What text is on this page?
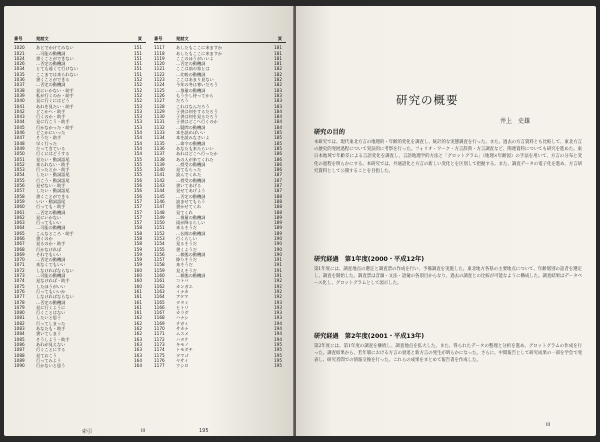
番号	発話文	頁
1020	あとでかけてみない	151
1021	…可能の動機詞	151
1024	書くことができない	151
1026	…否定の動機詞	151
1034	とても遠くて行けない	151
1035	ここまでは来られない	151
1036	書くことができる	152
1037	…否定の動機詞	152
1038	見にいかない・助手	152
1039	私が行くのか・助手	152
1040	見に行くにはどう	152
1041	あれを見たい・助手	153
1042	どこかへ・助手	153
1043	行くのか・助手	153
1044	見に行こう・助手	153
1045	行かなかった・助手	153
1046	どこかにいった	154
1047	そうだ・助手	154
1048	早く行った	154
1049	だってきている	154
1050	行くにはどうする	154
1051	見たい・動詞語尾	155
1052	来られない・助手	155
1053	行ったとか・助手	155
1054	したい・動詞語尾	155
1055	行こう・動詞語尾	156
1056	見せない・助手	156
1057	したい・動詞語尾	156
1058	書くことができる	156
1059	いい・動詞語尾	157
1060	行っても・助手	157
1061	…否定の動機詞	157
1062	見にいかない	157
1063	行ってもいい	157
1064	…可能の動機詞	158
1065	こんなところ・助手	158
1066	書くのか	158
1067	見るのか・助手	158
1068	行かなければ	159
1069	それでもいい	159
1070	…否定の動機詞	159
1071	来なくてもいい	159
1072	しなければならない	160
1073	…可能の動機詞	160
1074	見なければ・助手	160
1075	したほうがいい	160
1076	行ってもいいか	161
1077	しなければならない	161
1078	…否定の動機詞	161
1079	見に行くように	161
1080	行くことはない	161
1081	したいと思う	162
1082	行ってしまった	162
1083	あなたも・助手	162
1084	書いてしまう	162
1085	そうしよう・助手	163
1086	あれが見えない	163
1087	行くことにする	163
1088	見ておこう	163
1089	行ってみよう	164
1090	行かないと思う	164
番号	発話文	頁
1117	あしたもここに来ますか	181
1118	あしたもここに来ますか	181
1119	ここのほうがいいよ	181
1120	…否定の動機詞	181
1121	ここは前の家とは	182
1122	…比較の動機詞	182
1123	ここはあまり見ない	182
1124	今年の冬は寒いだろう	182
1125	…推量の動機詞	183
1126	もう少し待ってから	183
1127	だろう	183
1128	これはなんだろう	183
1129	子供は何をするだろう	184
1130	子供は何を見るだろう	184
1131	子供はどこへ行くのか	184
1132	…疑問の動機詞	184
1133	本を読めばいい	185
1134	本を読みなさいよ	185
1135	…命令の動機詞	185
1136	あなたも来たらいい	185
1137	あれはどこへ行ったか	186
1138	あの人が来てくれた	186
1139	…授受の動機詞	186
1140	見てもらった	186
1141	読んでくれた	187
1142	…授受の動機詞	187
1143	書いてあげる	187
1144	見せてあげよう	187
1145	…否定の動機詞	188
1146	読ませてもらう	188
1147	書かせてくれ	188
1148	見てくれ	188
1149	…推量の動機詞	189
1150	雨が降るらしい	189
1151	来るそうだ	189
1152	…伝聞の動機詞	189
1153	行くらしい	190
1154	見るそうだ	190
1155	書くようだ	190
1156	…様態の動機詞	190
1157	降りそうだ	191
1158	来そうだ	191
1159	見えそうだ	191
1160	…様態の動機詞	191
1161	コトバ	192
1162	カンガエ	192
1163	イナカ	192
1164	アタマ	192
1165	タタミ	193
1166	ヒトリ	193
1167	カラダ	193
1168	ハナシ	193
1169	テガミ	194
1170	サカナ	194
1171	ムスメ	194
1172	ハタケ	194
1173	キモノ	195
1174	トモダチ	195
1175	タマゴ	195
1176	ヤサイ	195
1177	ウシロ	195
索引	iii	195
研究の概要
井上　史雄
研究の目的
本研究では、現代東北方言の地理的・年齢的変化を調査し、統計的な実態調査を行った。また、過去の方言資料とも比較して、東北方言の歴史的発展過程について実証的に考察を行った。フォリオ・ワーク・方言辞典・方言調査など、関連資料についても研究を進めた。東日本地域で年齢差による言語変化を調査し、言語地理学的方法と「グロットグラム」（地理×年齢図）の手法を用いて、方言の分布と変化の過程を明らかにする。本研究では、共通語化と方言の新しい変化とを区別して把握する。また、調査データの電子化を進め、方言研究資料として公開することを目指した。
研究経過　第1年度(2000・平成12年)
第1年度には、調査地点の選定と調査票の作成を行い、予備調査を実施した。東北地方各県の主要地点について、年齢層別の話者を選定し、調査を開始した。調査票は音韻・文法・語彙の各項目からなり、過去の調査との比較が可能なように構成した。調査結果はデータベース化し、グロットグラムとして図示した。
研究経過　第2年度(2001・平成13年)
第2年度には、第1年度の調査を継続し、調査地点を拡大した。また、得られたデータの整理と分析を進め、グロットグラムの作成を行った。調査結果から、若年層における方言の衰退と新方言の発生が明らかになった。さらに、中間報告として研究成果の一部を学会で発表し、研究者間での情報交換を行った。これらの成果をまとめて報告書を作成した。
iii
